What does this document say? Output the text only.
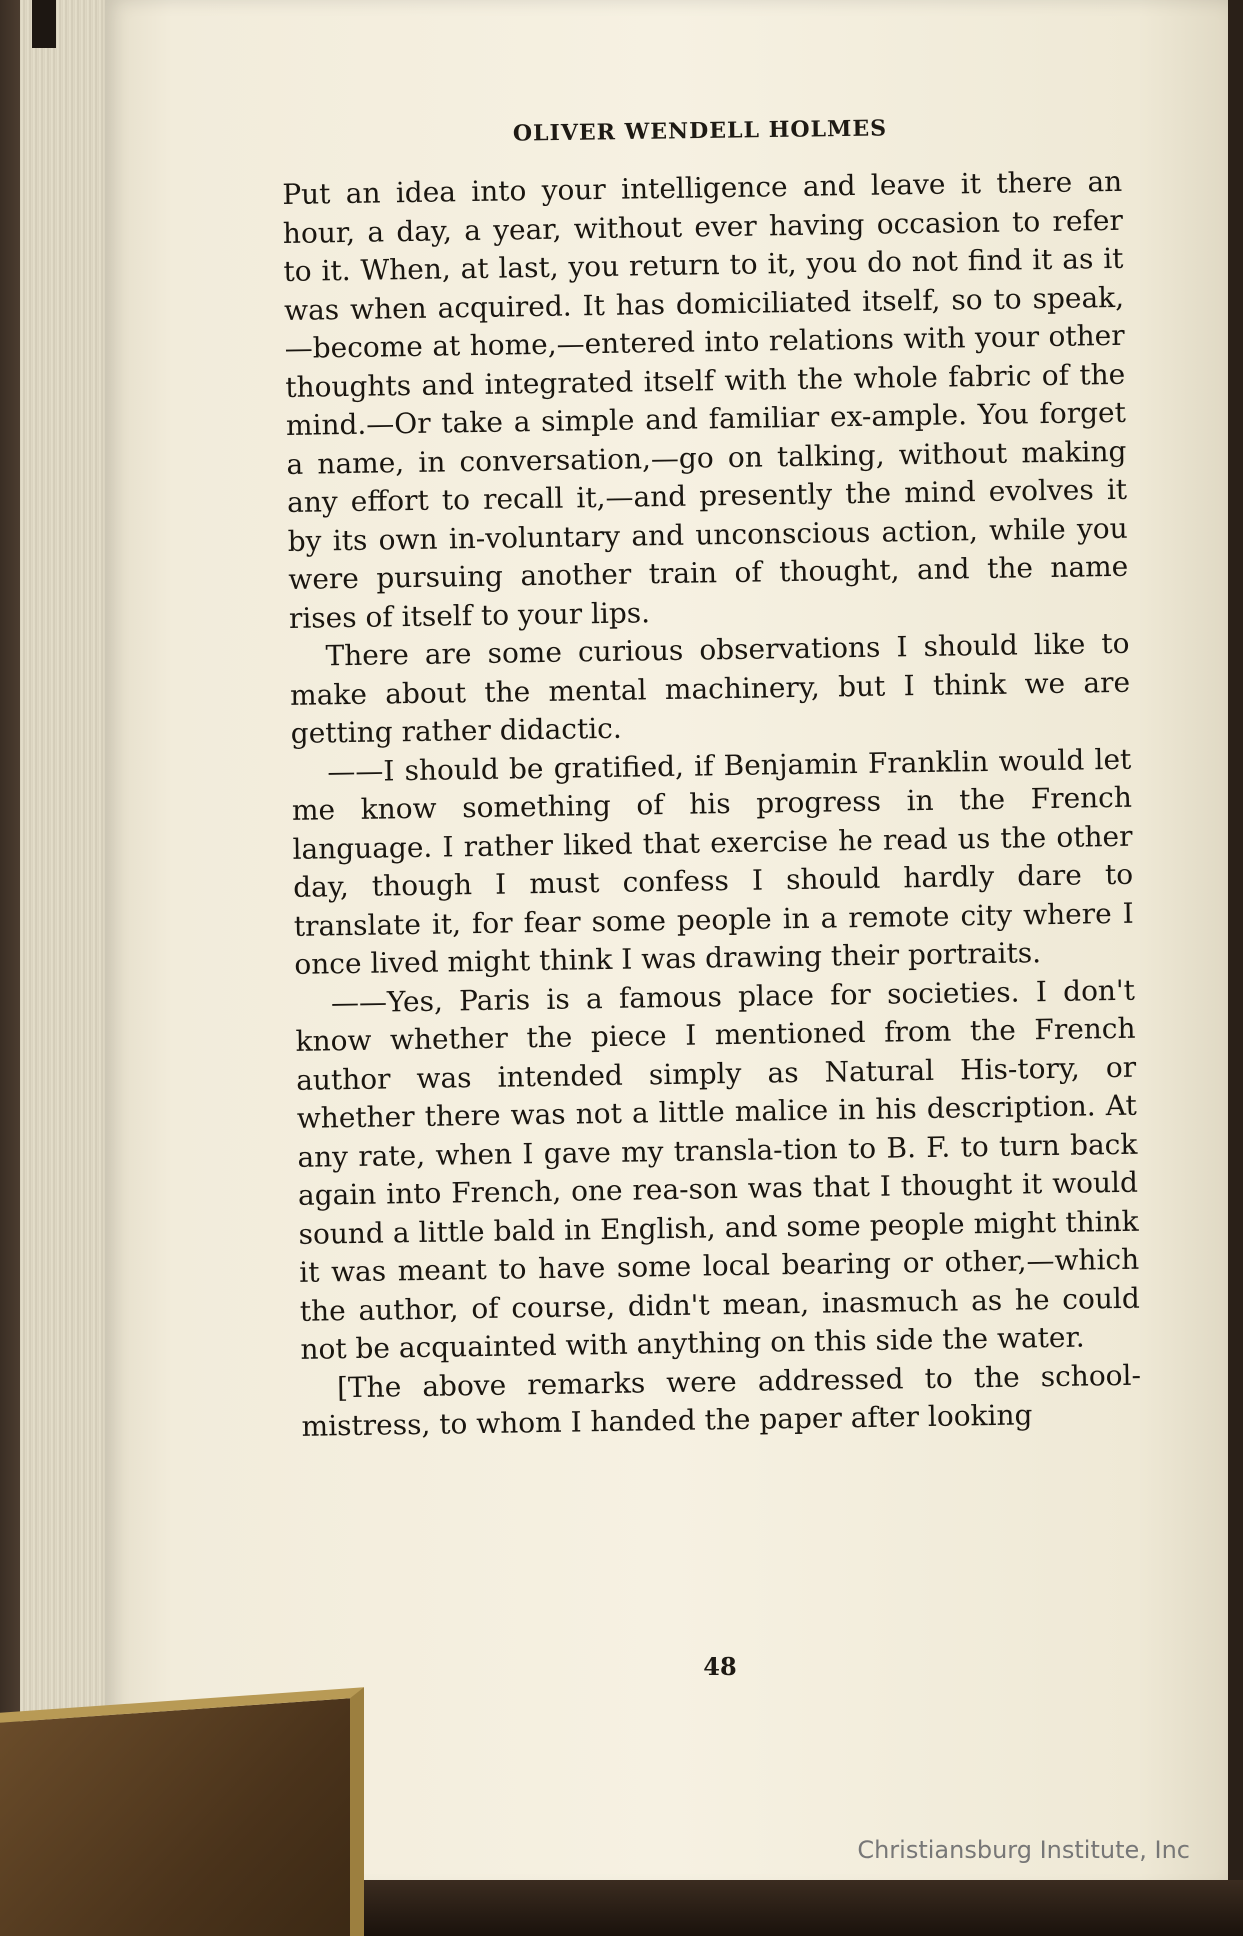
OLIVER WENDELL HOLMES

Put an idea into your intelligence and leave it there an hour, a day, a year, without ever having occasion to refer to it. When, at last, you return to it, you do not find it as it was when acquired. It has domiciliated itself, so to speak,—become at home,—entered into relations with your other thoughts and integrated itself with the whole fabric of the mind.—Or take a simple and familiar ex-ample. You forget a name, in conversation,—go on talking, without making any effort to recall it,—and presently the mind evolves it by its own in-voluntary and unconscious action, while you were pursuing another train of thought, and the name rises of itself to your lips.

There are some curious observations I should like to make about the mental machinery, but I think we are getting rather didactic.

——I should be gratified, if Benjamin Franklin would let me know something of his progress in the French language. I rather liked that exercise he read us the other day, though I must confess I should hardly dare to translate it, for fear some people in a remote city where I once lived might think I was drawing their portraits.

——Yes, Paris is a famous place for societies. I don't know whether the piece I mentioned from the French author was intended simply as Natural His-tory, or whether there was not a little malice in his description. At any rate, when I gave my transla-tion to B. F. to turn back again into French, one rea-son was that I thought it would sound a little bald in English, and some people might think it was meant to have some local bearing or other,—which the author, of course, didn't mean, inasmuch as he could not be acquainted with anything on this side the water.

[The above remarks were addressed to the school-mistress, to whom I handed the paper after looking

48
Christiansburg Institute, Inc
